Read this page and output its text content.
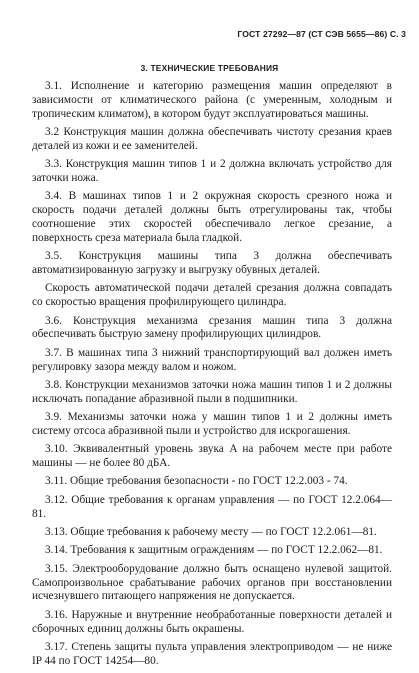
ГОСТ 27292—87 (СТ СЭВ 5655—86) С. 3
3. ТЕХНИЧЕСКИЕ ТРЕБОВАНИЯ

3.1. Исполнение и категорию размещения машин определяют в зависимости от климатического района (с умеренным, холодным и тропическим климатом), в котором будут эксплуатироваться машины.

3.2 Конструкция машин должна обеспечивать чистоту срезания краев деталей из кожи и ее заменителей.

3.3. Конструкция машин типов 1 и 2 должна включать устройство для заточки ножа.

3.4. В машинах типов 1 и 2 окружная скорость срезного ножа и скорость подачи деталей должны быть отрегулированы так, чтобы соотношение этих скоростей обеспечивало легкое срезание, а поверхность среза материала была гладкой.

3.5. Конструкция машины типа 3 должна обеспечивать автоматизированную загрузку и выгрузку обувных деталей.

Скорость автоматической подачи деталей срезания должна совпадать со скоростью вращения профилирующего цилиндра.

3.6. Конструкция механизма срезания машин типа 3 должна обеспечивать быструю замену профилирующих цилиндров.

3.7. В машинах типа 3 нижний транспортирующий вал должен иметь регулировку зазора между валом и ножом.

3.8. Конструкции механизмов заточки ножа машин типов 1 и 2 должны исключать попадание абразивной пыли в подшипники.

3.9. Механизмы заточки ножа у машин типов 1 и 2 должны иметь систему отсоса абразивной пыли и устройство для искрогашения.

3.10. Эквивалентный уровень звука A на рабочем месте при работе машины — не более 80 дБА.

3.11. Общие требования безопасности - по ГОСТ 12.2.003 - 74.

3.12. Общие требования к органам управления — по ГОСТ 12.2.064—81.

3.13. Общие требования к рабочему месту — по ГОСТ 12.2.061—81.

3.14. Требования к защитным ограждениям — по ГОСТ 12.2.062—81.

3.15. Электрооборудование должно быть оснащено нулевой защитой. Самопроизвольное срабатывание рабочих органов при восстановлении исчезнувшего питающего напряжения не допускается.

3.16. Наружные и внутренние необработанные поверхности деталей и сборочных единиц должны быть окрашены.

3.17. Степень защиты пульта управления электроприводом — не ниже IP 44 по ГОСТ 14254—80.
